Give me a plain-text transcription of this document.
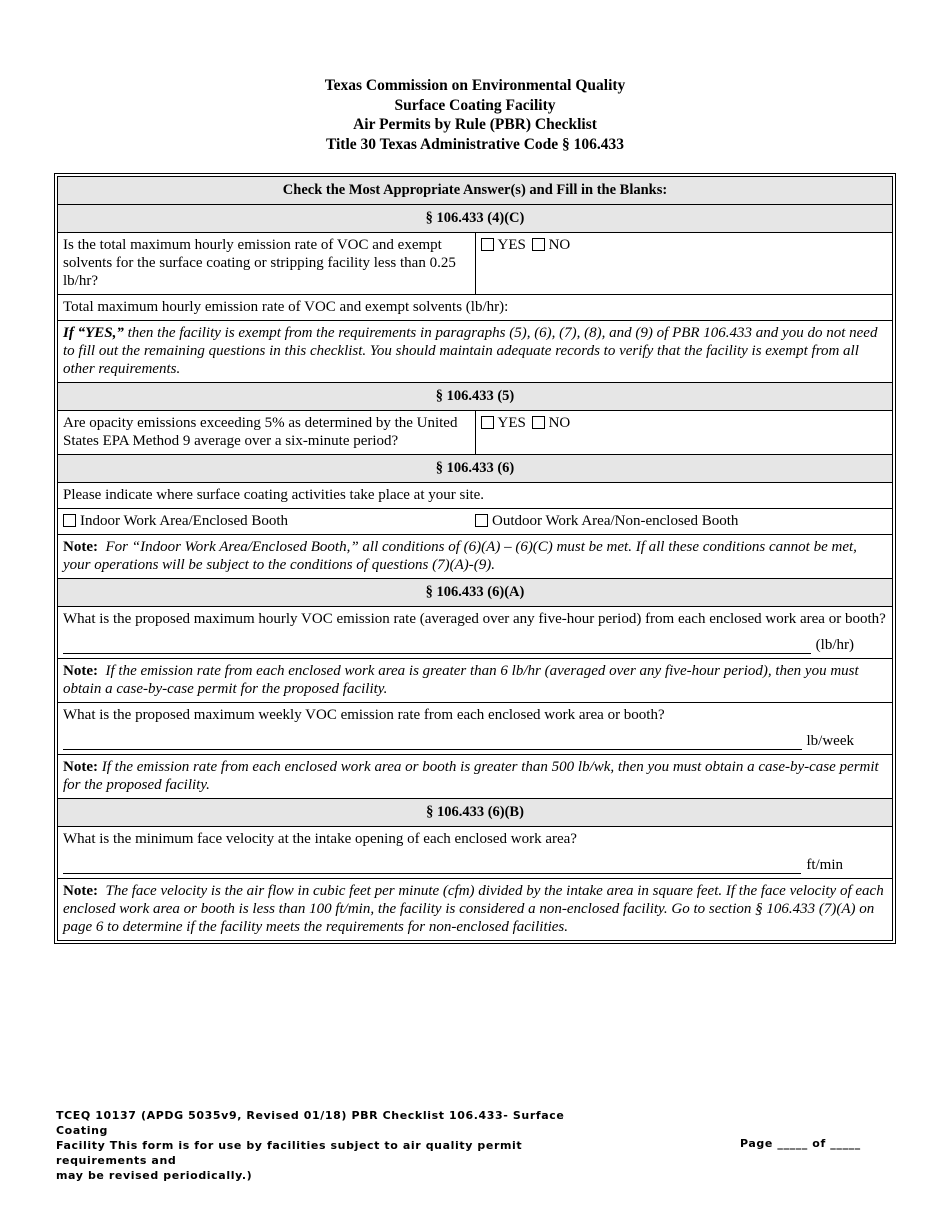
Texas Commission on Environmental Quality
Surface Coating Facility
Air Permits by Rule (PBR) Checklist
Title 30 Texas Administrative Code § 106.433
Check the Most Appropriate Answer(s) and Fill in the Blanks:	
§ 106.433 (4)(C)	
Is the total maximum hourly emission rate of VOC and exempt solvents for the surface coating or stripping facility less than 0.25 lb/hr?	YES NO
Total maximum hourly emission rate of VOC and exempt solvents (lb/hr):	
If “YES,” then the facility is exempt from the requirements in paragraphs (5), (6), (7), (8), and (9) of PBR 106.433 and you do not need to fill out the remaining questions in this checklist. You should maintain adequate records to verify that the facility is exempt from all other requirements.	
§ 106.433 (5)	
Are opacity emissions exceeding 5% as determined by the United States EPA Method 9 average over a six-minute period?	YES NO
§ 106.433 (6)	
Please indicate where surface coating activities take place at your site.	

Indoor Work Area/Enclosed Booth Outdoor Work Area/Non-enclosed Booth	

Note: For “Indoor Work Area/Enclosed Booth,” all conditions of (6)(A) – (6)(C) must be met. If all these conditions cannot be met, your operations will be subject to the conditions of questions (7)(A)-(9).	
§ 106.433 (6)(A)	

What is the proposed maximum hourly VOC emission rate (averaged over any five-hour period) from each enclosed work area or booth?
(lb/hr)	

Note: If the emission rate from each enclosed work area is greater than 6 lb/hr (averaged over any five-hour period), then you must obtain a case-by-case permit for the proposed facility.	

What is the proposed maximum weekly VOC emission rate from each enclosed work area or booth?
lb/week	

Note: If the emission rate from each enclosed work area or booth is greater than 500 lb/wk, then you must obtain a case-by-case permit for the proposed facility.	
§ 106.433 (6)(B)	

What is the minimum face velocity at the intake opening of each enclosed work area?
ft/min	

Note: The face velocity is the air flow in cubic feet per minute (cfm) divided by the intake area in square feet. If the face velocity of each enclosed work area or booth is less than 100 ft/min, the facility is considered a non-enclosed facility. Go to section § 106.433 (7)(A) on page 6 to determine if the facility meets the requirements for non-enclosed facilities.	
TCEQ 10137 (APDG 5035v9, Revised 01/18) PBR Checklist 106.433- Surface Coating
Facility This form is for use by facilities subject to air quality permit requirements and
may be revised periodically.)
Page _____ of _____
